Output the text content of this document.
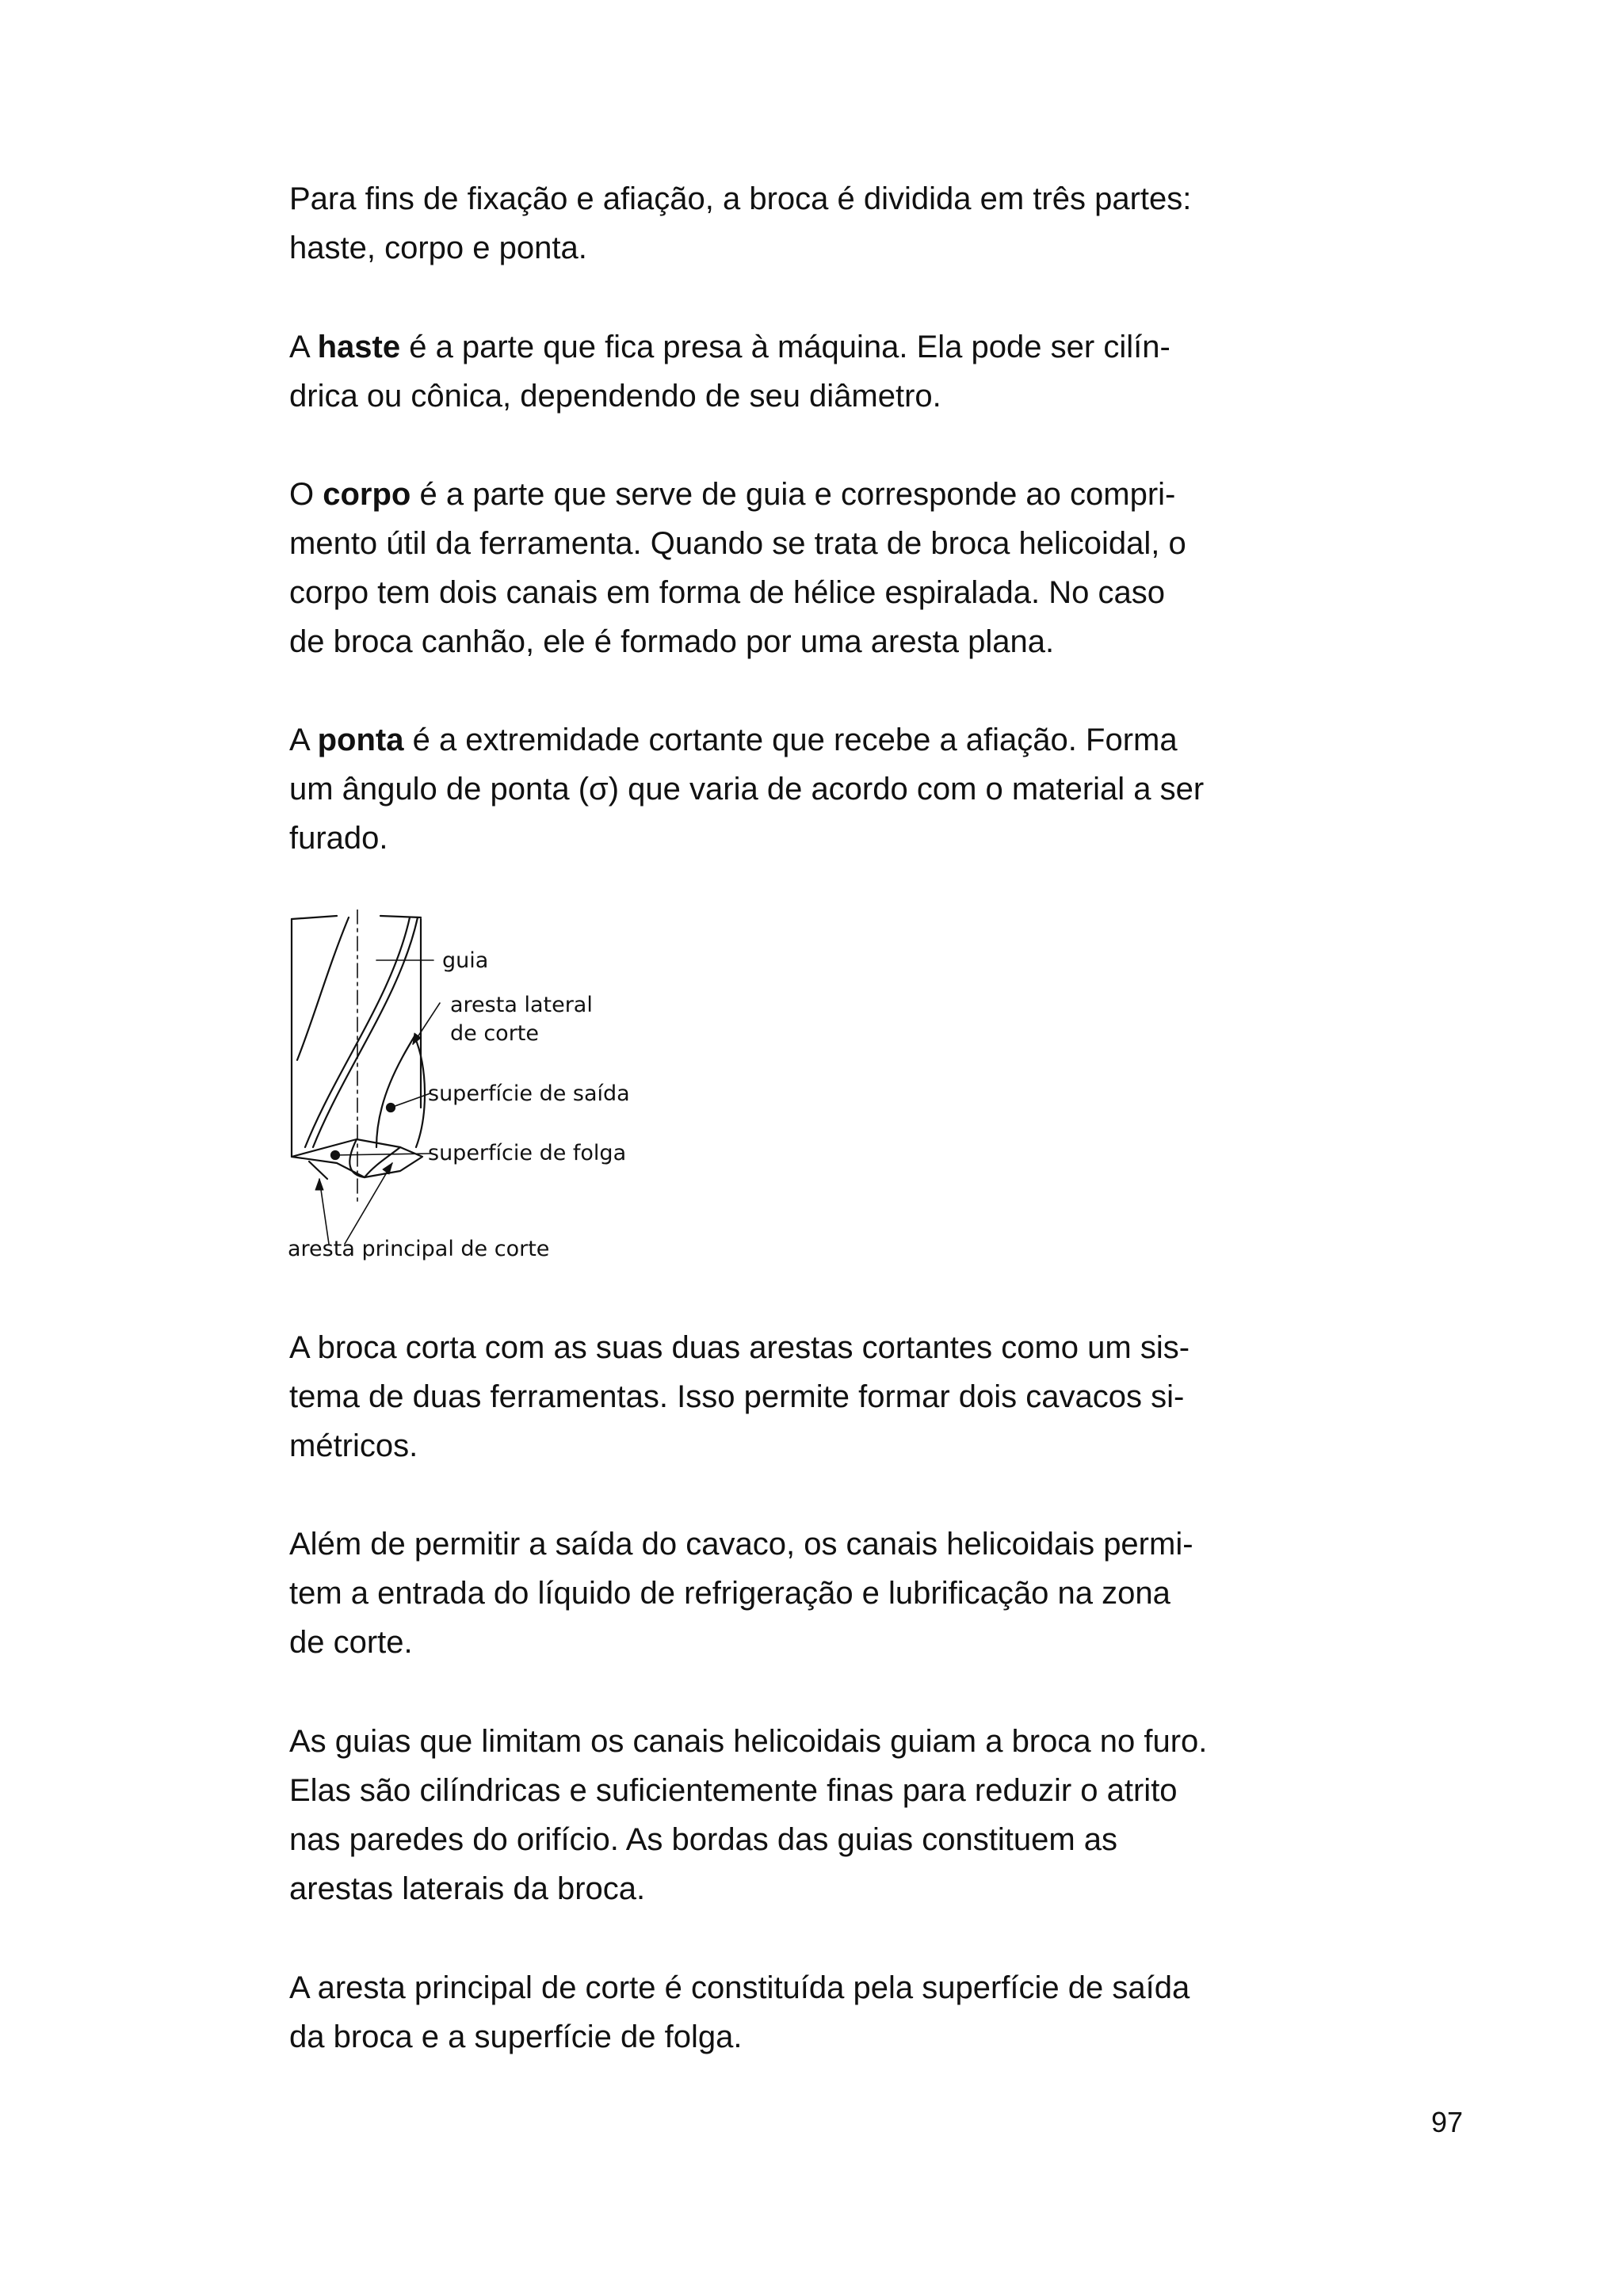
Para fins de fixação e afiação, a broca é dividida em três partes:
haste, corpo e ponta.
A haste é a parte que fica presa à máquina. Ela pode ser cilín-
drica ou cônica, dependendo de seu diâmetro.
O corpo é a parte que serve de guia e corresponde ao compri-
mento útil da ferramenta. Quando se trata de broca helicoidal, o
corpo tem dois canais em forma de hélice espiralada. No caso
de broca canhão, ele é formado por uma aresta plana.
A ponta é a extremidade cortante que recebe a afiação. Forma
um ângulo de ponta (σ) que varia de acordo com o material a ser
furado.
guia
aresta lateral
de corte
superfície de saída
superfície de folga
aresta principal de corte
A broca corta com as suas duas arestas cortantes como um sis-
tema de duas ferramentas. Isso permite formar dois cavacos si-
métricos.
Além de permitir a saída do cavaco, os canais helicoidais permi-
tem a entrada do líquido de refrigeração e lubrificação na zona
de corte.
As guias que limitam os canais helicoidais guiam a broca no furo.
Elas são cilíndricas e suficientemente finas para reduzir o atrito
nas paredes do orifício. As bordas das guias constituem as
arestas laterais da broca.
A aresta principal de corte é constituída pela superfície de saída
da broca e a superfície de folga.
97
